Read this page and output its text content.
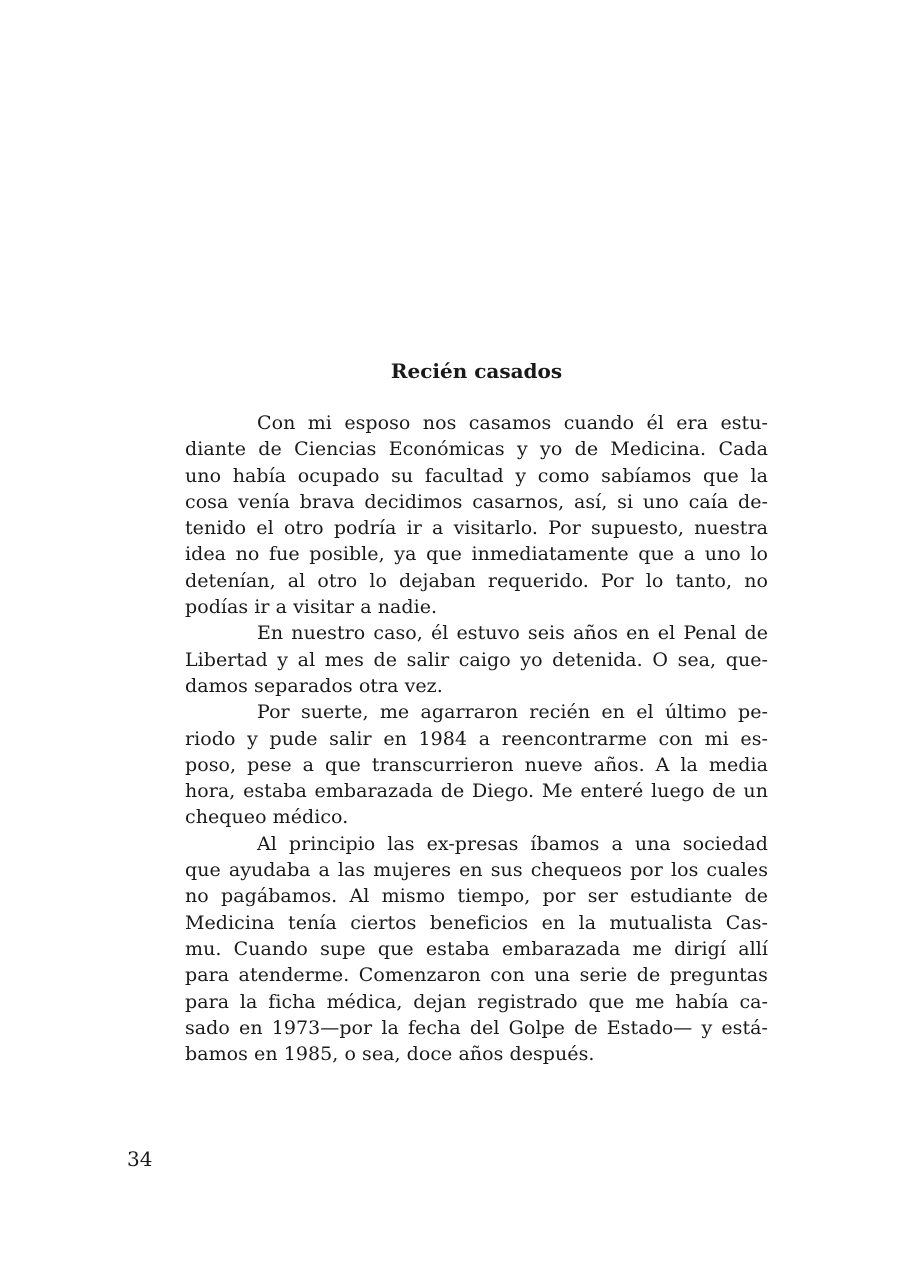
Recién casados
Con mi esposo nos casamos cuando él era estu-
diante de Ciencias Económicas y yo de Medicina. Cada
uno había ocupado su facultad y como sabíamos que la
cosa venía brava decidimos casarnos, así, si uno caía de-
tenido el otro podría ir a visitarlo. Por supuesto, nuestra
idea no fue posible, ya que inmediatamente que a uno lo
detenían, al otro lo dejaban requerido. Por lo tanto, no
podías ir a visitar a nadie.
En nuestro caso, él estuvo seis años en el Penal de
Libertad y al mes de salir caigo yo detenida. O sea, que-
damos separados otra vez.
Por suerte, me agarraron recién en el último pe-
riodo y pude salir en 1984 a reencontrarme con mi es-
poso, pese a que transcurrieron nueve años. A la media
hora, estaba embarazada de Diego. Me enteré luego de un
chequeo médico.
Al principio las ex-presas íbamos a una sociedad
que ayudaba a las mujeres en sus chequeos por los cuales
no pagábamos. Al mismo tiempo, por ser estudiante de
Medicina tenía ciertos beneficios en la mutualista Cas-
mu. Cuando supe que estaba embarazada me dirigí allí
para atenderme. Comenzaron con una serie de preguntas
para la ficha médica, dejan registrado que me había ca-
sado en 1973—por la fecha del Golpe de Estado— y está-
bamos en 1985, o sea, doce años después.
34
